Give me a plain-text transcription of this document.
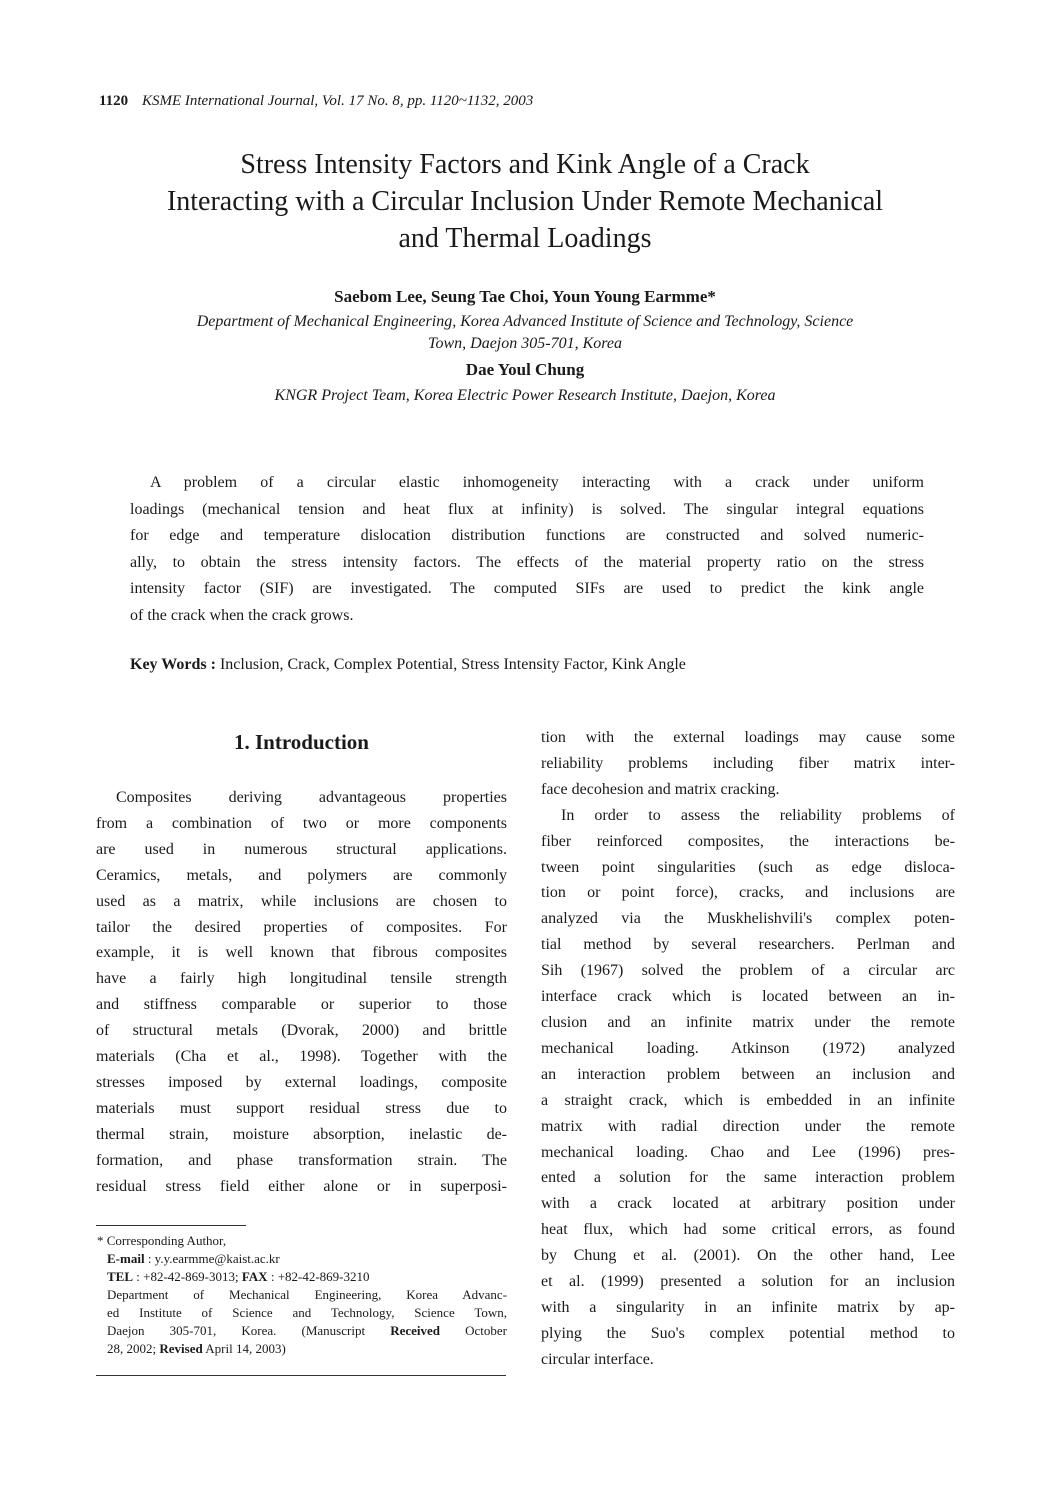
1120 KSME International Journal, Vol. 17 No. 8, pp. 1120~1132, 2003
Stress Intensity Factors and Kink Angle of a Crack
Interacting with a Circular Inclusion Under Remote Mechanical
and Thermal Loadings
Saebom Lee, Seung Tae Choi, Youn Young Earmme*
Department of Mechanical Engineering, Korea Advanced Institute of Science and Technology, Science
Town, Daejon 305-701, Korea
Dae Youl Chung
KNGR Project Team, Korea Electric Power Research Institute, Daejon, Korea
A problem of a circular elastic inhomogeneity interacting with a crack under uniform
loadings (mechanical tension and heat flux at infinity) is solved. The singular integral equations
for edge and temperature dislocation distribution functions are constructed and solved numeric-
ally, to obtain the stress intensity factors. The effects of the material property ratio on the stress
intensity factor (SIF) are investigated. The computed SIFs are used to predict the kink angle
of the crack when the crack grows.
Key Words : Inclusion, Crack, Complex Potential, Stress Intensity Factor, Kink Angle
1. Introduction
Composites deriving advantageous properties
from a combination of two or more components
are used in numerous structural applications.
Ceramics, metals, and polymers are commonly
used as a matrix, while inclusions are chosen to
tailor the desired properties of composites. For
example, it is well known that fibrous composites
have a fairly high longitudinal tensile strength
and stiffness comparable or superior to those
of structural metals (Dvorak, 2000) and brittle
materials (Cha et al., 1998). Together with the
stresses imposed by external loadings, composite
materials must support residual stress due to
thermal strain, moisture absorption, inelastic de-
formation, and phase transformation strain. The
residual stress field either alone or in superposi-
tion with the external loadings may cause some
reliability problems including fiber matrix inter-
face decohesion and matrix cracking.
In order to assess the reliability problems of
fiber reinforced composites, the interactions be-
tween point singularities (such as edge disloca-
tion or point force), cracks, and inclusions are
analyzed via the Muskhelishvili's complex poten-
tial method by several researchers. Perlman and
Sih (1967) solved the problem of a circular arc
interface crack which is located between an in-
clusion and an infinite matrix under the remote
mechanical loading. Atkinson (1972) analyzed
an interaction problem between an inclusion and
a straight crack, which is embedded in an infinite
matrix with radial direction under the remote
mechanical loading. Chao and Lee (1996) pres-
ented a solution for the same interaction problem
with a crack located at arbitrary position under
heat flux, which had some critical errors, as found
by Chung et al. (2001). On the other hand, Lee
et al. (1999) presented a solution for an inclusion
with a singularity in an infinite matrix by ap-
plying the Suo's complex potential method to
circular interface.
* Corresponding Author,
E-mail : y.y.earmme@kaist.ac.kr
TEL : +82-42-869-3013; FAX : +82-42-869-3210
Department of Mechanical Engineering, Korea Advanc-
ed Institute of Science and Technology, Science Town,
Daejon 305-701, Korea. (Manuscript Received October
28, 2002; Revised April 14, 2003)
